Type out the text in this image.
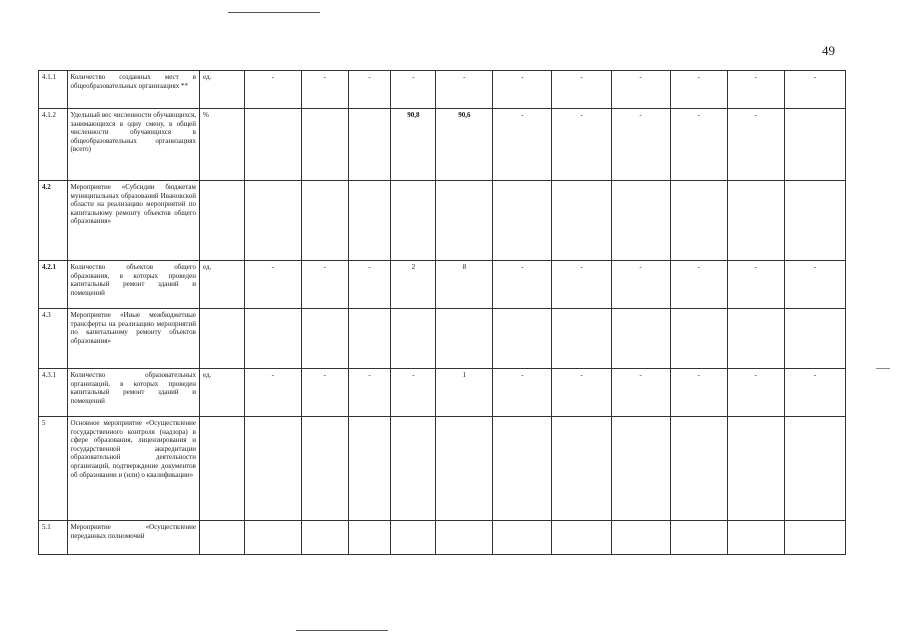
49
4.1.1	Количество созданных мест в общеобразовательных организациях **	ед.	-	-	-	-	-	-	-	-	-	-	-
4.1.2	Удельный вес численности обучающихся, занимающихся в одну смену, в общей численности обучающихся в общеобразовательных организациях (всего)	%				90,8	90,6	-	-	-	-	-	
4.2	Мероприятие «Субсидии бюджетам муниципальных образований Ивановской области на реализацию мероприятий по капитальному ремонту объектов общего образования»												
4.2.1	Количество объектов общего образования, в которых проведен капитальный ремонт зданий и помещений	ед.	-	-	-	2	8	-	-	-	-	-	-
4.3	Мероприятие «Иные межбюджетные трансферты на реализацию мероприятий по капитальному ремонту объектов образования»												
4.3.1	Количество образовательных организаций, в которых проведен капитальный ремонт зданий и помещений	ед.	-	-	-	-	1	-	-	-	-	-	-
5	Основное мероприятие «Осуществление государственного контроля (надзора) в сфере образования, лицензирования и государственной аккредитации образовательной деятельности организаций, подтверждение документов об образовании и (или) о квалификации»												
5.1	Мероприятие «Осуществление переданных полномочий												
